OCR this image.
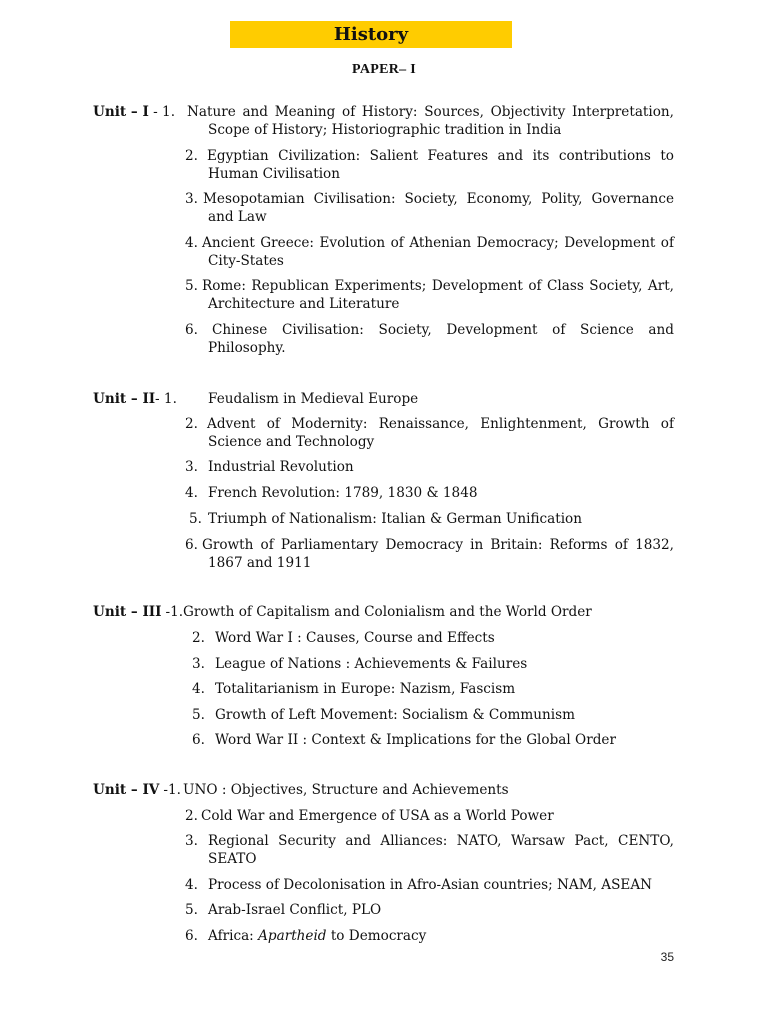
History
PAPER– I
Unit – I - 1. Nature and Meaning of History: Sources, Objectivity Interpretation,
Scope of History; Historiographic tradition in India
2. Egyptian Civilization: Salient Features and its contributions to
Human Civilisation
3. Mesopotamian Civilisation: Society, Economy, Polity, Governance
and Law
4. Ancient Greece: Evolution of Athenian Democracy; Development of
City-States
5. Rome: Republican Experiments; Development of Class Society, Art,
Architecture and Literature
6. Chinese Civilisation: Society, Development of Science and
Philosophy.
Unit – II - 1. Feudalism in Medieval Europe
2. Advent of Modernity: Renaissance, Enlightenment, Growth of
Science and Technology
3. Industrial Revolution
4. French Revolution: 1789, 1830 & 1848
5. Triumph of Nationalism: Italian & German Unification
6. Growth of Parliamentary Democracy in Britain: Reforms of 1832,
1867 and 1911
Unit – III -1. Growth of Capitalism and Colonialism and the World Order
2. Word War I : Causes, Course and Effects
3. League of Nations : Achievements & Failures
4. Totalitarianism in Europe: Nazism, Fascism
5. Growth of Left Movement: Socialism & Communism
6. Word War II : Context & Implications for the Global Order
Unit – IV -1. UNO : Objectives, Structure and Achievements
2. Cold War and Emergence of USA as a World Power
3. Regional Security and Alliances: NATO, Warsaw Pact, CENTO,
SEATO
4. Process of Decolonisation in Afro-Asian countries; NAM, ASEAN
5. Arab-Israel Conflict, PLO
6. Africa: Apartheid to Democracy
35
